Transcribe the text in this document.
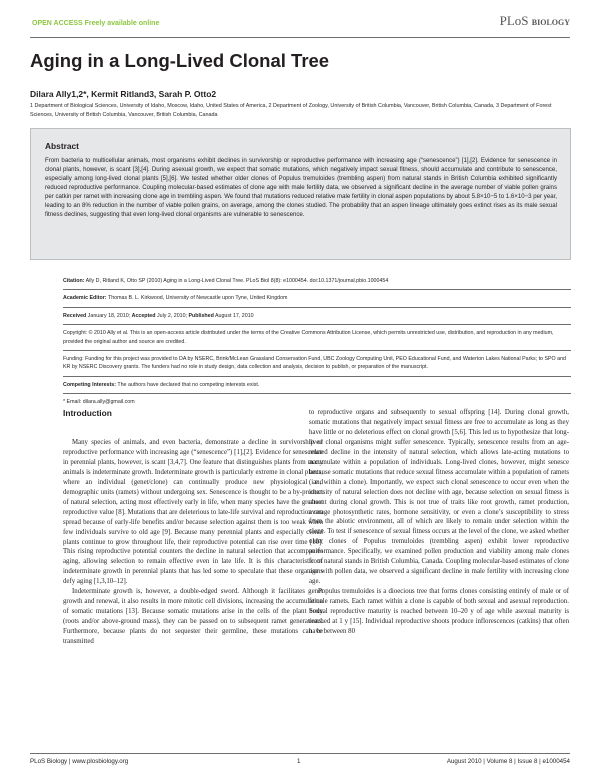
OPEN ACCESS Freely available online	PLoS BIOLOGY
Aging in a Long-Lived Clonal Tree
Dilara Ally1,2*, Kermit Ritland3, Sarah P. Otto2
1 Department of Biological Sciences, University of Idaho, Moscow, Idaho, United States of America, 2 Department of Zoology, University of British Columbia, Vancouver, British Columbia, Canada, 3 Department of Forest Sciences, University of British Columbia, Vancouver, British Columbia, Canada
Abstract
From bacteria to multicellular animals, most organisms exhibit declines in survivorship or reproductive performance with increasing age (“senescence”) [1],[2]. Evidence for senescence in clonal plants, however, is scant [3],[4]. During asexual growth, we expect that somatic mutations, which negatively impact sexual fitness, should accumulate and contribute to senescence, especially among long-lived clonal plants [5],[6]. We tested whether older clones of Populus tremuloides (trembling aspen) from natural stands in British Columbia exhibited significantly reduced reproductive performance. Coupling molecular-based estimates of clone age with male fertility data, we observed a significant decline in the average number of viable pollen grains per catkin per ramet with increasing clone age in trembling aspen. We found that mutations reduced relative male fertility in clonal aspen populations by about 5.8×10−5 to 1.6×10−3 per year, leading to an 8% reduction in the number of viable pollen grains, on average, among the clones studied. The probability that an aspen lineage ultimately goes extinct rises as its male sexual fitness declines, suggesting that even long-lived clonal organisms are vulnerable to senescence.

Citation: Ally D, Ritland K, Otto SP (2010) Aging in a Long-Lived Clonal Tree. PLoS Biol 8(8): e1000454. doi:10.1371/journal.pbio.1000454

Academic Editor: Thomas B. L. Kirkwood, University of Newcastle upon Tyne, United Kingdom

Received January 18, 2010; Accepted July 2, 2010; Published August 17, 2010

Copyright: © 2010 Ally et al. This is an open-access article distributed under the terms of the Creative Commons Attribution License, which permits unrestricted use, distribution, and reproduction in any medium, provided the original author and source are credited.

Funding: Funding for this project was provided to DA by NSERC, Brink/McLean Grassland Conservation Fund, UBC Zoology Computing Unit, PEO Educational Fund, and Waterton Lakes National Parks; to SPO and KR by NSERC Discovery grants. The funders had no role in study design, data collection and analysis, decision to publish, or preparation of the manuscript.

Competing Interests: The authors have declared that no competing interests exist.

* Email: dilara.ally@gmail.com

Introduction

Many species of animals, and even bacteria, demonstrate a decline in survivorship or reproductive performance with increasing age (“senescence”) [1],[2]. Evidence for senescence in perennial plants, however, is scant [3,4,7]. One feature that distinguishes plants from many animals is indeterminate growth. Indeterminate growth is particularly extreme in clonal plants, where an individual (genet/clone) can continually produce new physiological and demographic units (ramets) without undergoing sex. Senescence is thought to be a by-product of natural selection, acting most effectively early in life, when many species have the greatest reproductive value [8]. Mutations that are deleterious to late-life survival and reproduction can spread because of early-life benefits and/or because selection against them is too weak when few individuals survive to old age [9]. Because many perennial plants and especially clonal plants continue to grow throughout life, their reproductive potential can rise over time [10]. This rising reproductive potential counters the decline in natural selection that accompanies aging, allowing selection to remain effective even in late life. It is this characteristic of indeterminate growth in perennial plants that has led some to speculate that these organisms defy aging [1,3,10–12].

Indeterminate growth is, however, a double-edged sword. Although it facilitates genet growth and renewal, it also results in more mitotic cell divisions, increasing the accumulation of somatic mutations [13]. Because somatic mutations arise in the cells of the plant body (roots and/or above-ground mass), they can be passed on to subsequent ramet generations. Furthermore, because plants do not sequester their germline, these mutations can be transmitted

to reproductive organs and subsequently to sexual offspring [14]. During clonal growth, somatic mutations that negatively impact sexual fitness are free to accumulate as long as they have little or no deleterious effect on clonal growth [5,6]. This led us to hypothesize that long-lived clonal organisms might suffer senescence. Typically, senescence results from an age-related decline in the intensity of natural selection, which allows late-acting mutations to accumulate within a population of individuals. Long-lived clones, however, might senesce because somatic mutations that reduce sexual fitness accumulate within a population of ramets (i.e., within a clone). Importantly, we expect such clonal senescence to occur even when the intensity of natural selection does not decline with age, because selection on sexual fitness is absent during clonal growth. This is not true of traits like root growth, ramet production, average photosynthetic rates, hormone sensitivity, or even a clone’s susceptibility to stress from the abiotic environment, all of which are likely to remain under selection within the clone. To test if senescence of sexual fitness occurs at the level of the clone, we asked whether older clones of Populus tremuloides (trembling aspen) exhibit lower reproductive performance. Specifically, we examined pollen production and viability among male clones from natural stands in British Columbia, Canada. Coupling molecular-based estimates of clone age with pollen data, we observed a significant decline in male fertility with increasing clone age.

Populus tremuloides is a dioecious tree that forms clones consisting entirely of male or of female ramets. Each ramet within a clone is capable of both sexual and asexual reproduction. Sexual reproductive maturity is reached between 10–20 y of age while asexual maturity is reached at 1 y [15]. Individual reproductive shoots produce inflorescences (catkins) that often have between 80

PLoS Biology | www.plosbiology.org	1	August 2010 | Volume 8 | Issue 8 | e1000454
